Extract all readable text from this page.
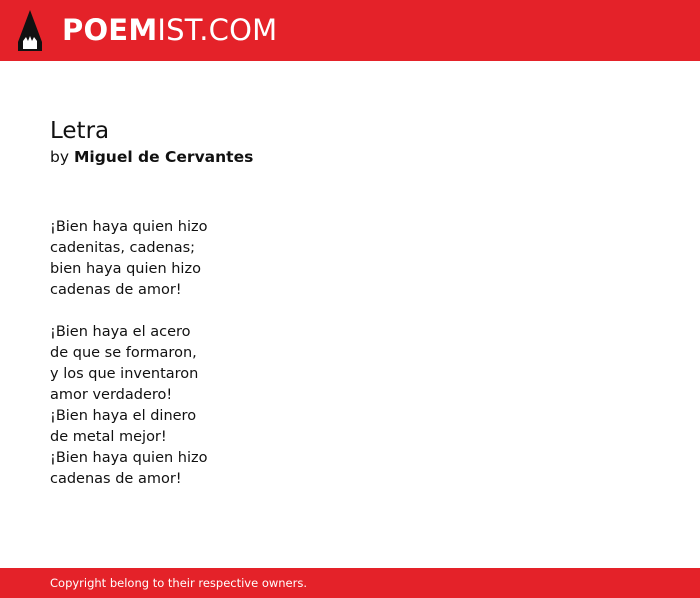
POEMIST.COM
Letra

by Miguel de Cervantes

¡Bien haya quien hizo
cadenitas, cadenas;
bien haya quien hizo
cadenas de amor!
¡Bien haya el acero
de que se formaron,
y los que inventaron
amor verdadero!
¡Bien haya el dinero
de metal mejor!
¡Bien haya quien hizo
cadenas de amor!
Copyright belong to their respective owners.
